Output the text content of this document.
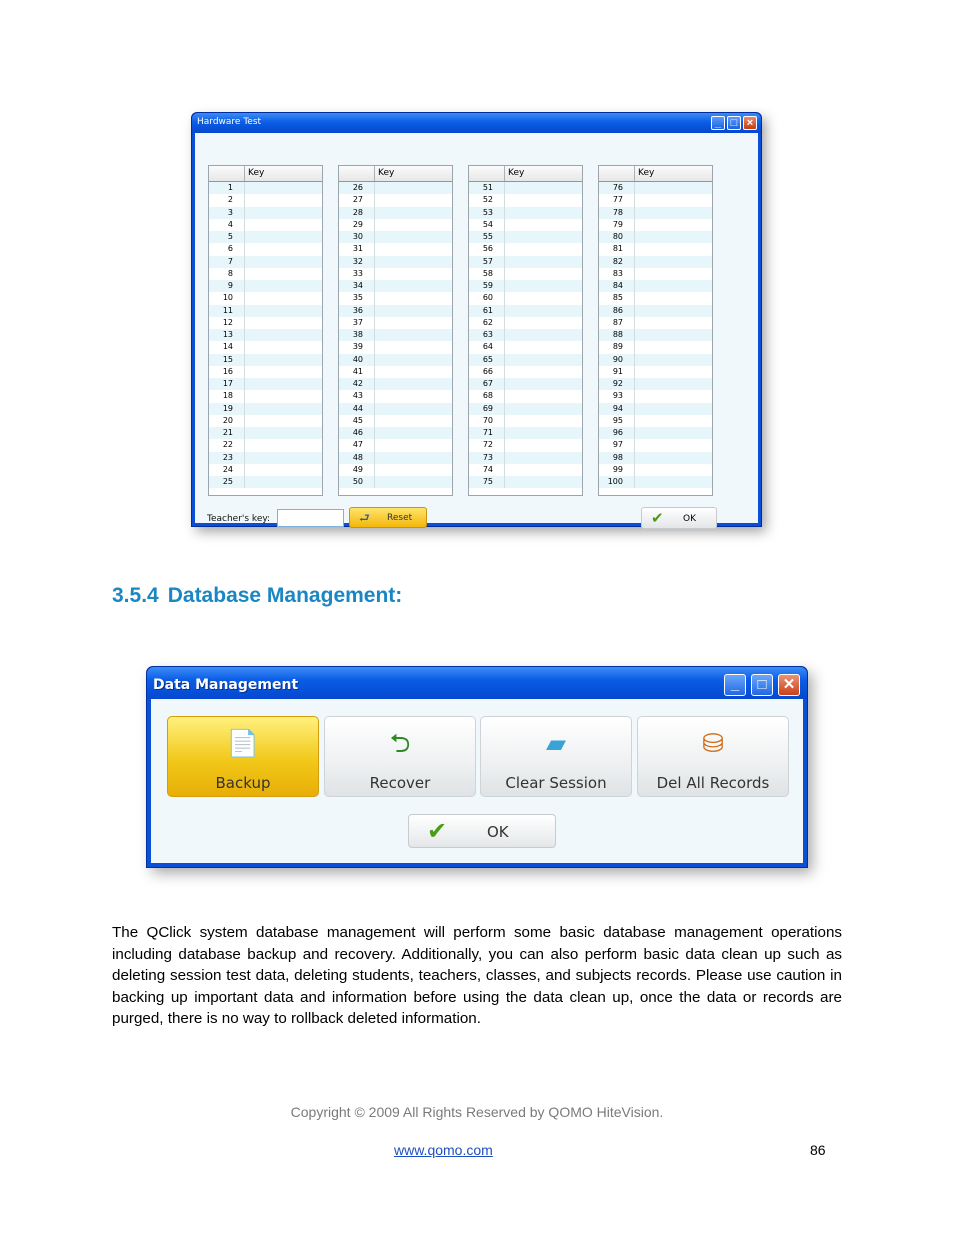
Hardware Test	_ □ ×
Key
1
2
3
4
5
6
7
8
9
10
11
12
13
14
15
16
17
18
19
20
21
22
23
24
25
Key
26
27
28
29
30
31
32
33
34
35
36
37
38
39
40
41
42
43
44
45
46
47
48
49
50
Key
51
52
53
54
55
56
57
58
59
60
61
62
63
64
65
66
67
68
69
70
71
72
73
74
75
Key
76
77
78
79
80
81
82
83
84
85
86
87
88
89
90
91
92
93
94
95
96
97
98
99
100
Teacher's key:	⮐ Reset	✔ OK
3.5.4 Database Management:
Data Management	_	□	✕
📄
Backup
⮌
Recover
▰
Clear Session
⛁
Del All Records
✔	OK

The QClick system database management will perform some basic database management operations including database backup and recovery. Additionally, you can also perform basic data clean up such as deleting session test data, deleting students, teachers, classes, and subjects records. Please use caution in backing up important data and information before using the data clean up, once the data or records are purged, there is no way to rollback deleted information.

Copyright © 2009 All Rights Reserved by QOMO HiteVision.
www.qomo.com	86
